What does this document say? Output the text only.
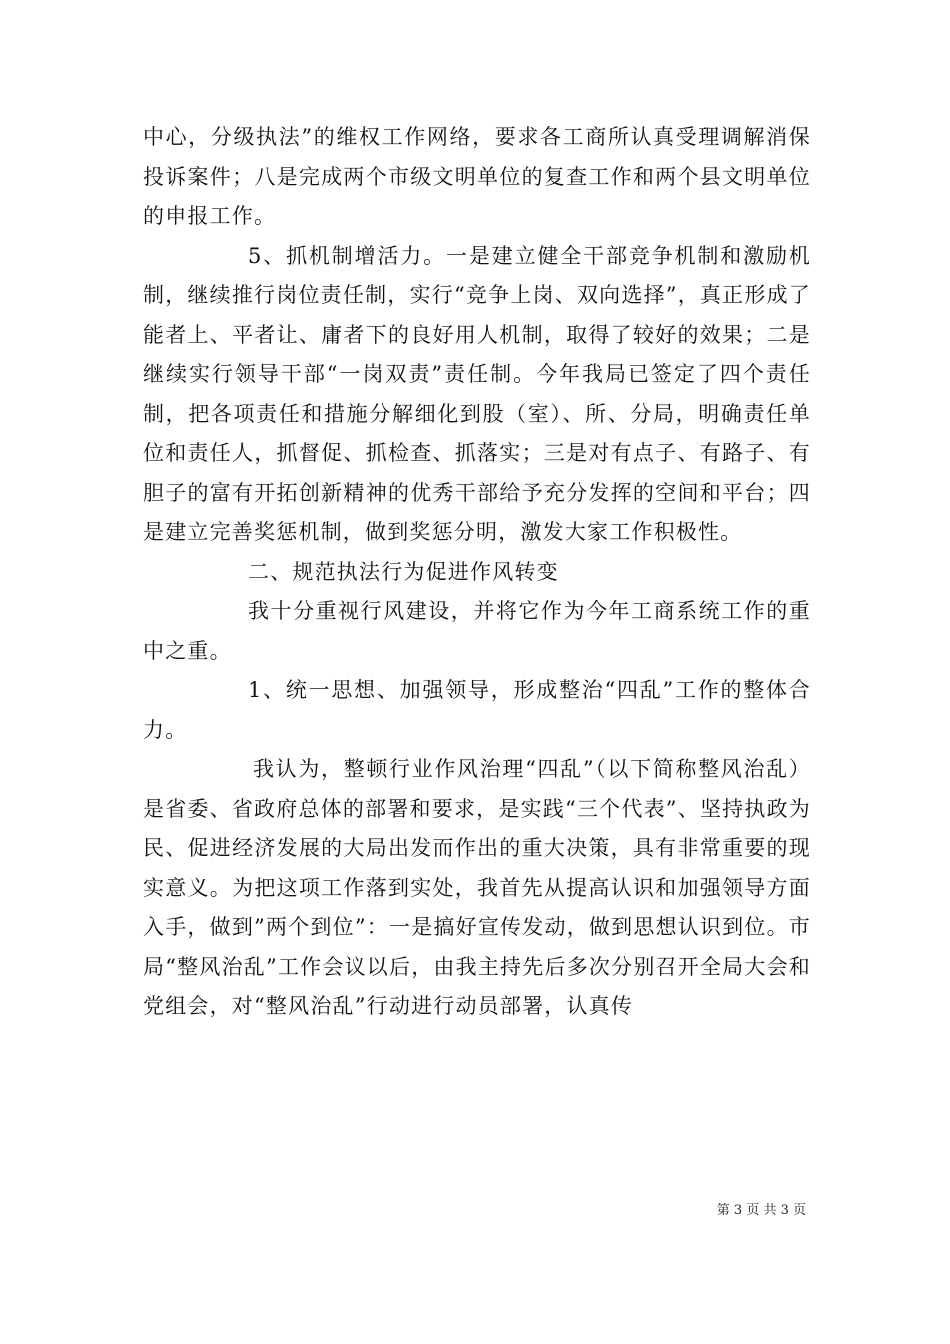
中心，分级执法”的维权工作网络，要求各工商所认真受理调解消保投诉案件；八是完成两个市级文明单位的复查工作和两个县文明单位的申报工作。

5、抓机制增活力。一是建立健全干部竞争机制和激励机制，继续推行岗位责任制，实行“竞争上岗、双向选择”，真正形成了能者上、平者让、庸者下的良好用人机制，取得了较好的效果；二是继续实行领导干部“一岗双责”责任制。今年我局已签定了四个责任制，把各项责任和措施分解细化到股（室）、所、分局，明确责任单位和责任人，抓督促、抓检查、抓落实；三是对有点子、有路子、有胆子的富有开拓创新精神的优秀干部给予充分发挥的空间和平台；四是建立完善奖惩机制，做到奖惩分明，激发大家工作积极性。

二、规范执法行为促进作风转变

我十分重视行风建设，并将它作为今年工商系统工作的重中之重。

1、统一思想、加强领导，形成整治“四乱”工作的整体合力。

我认为，整顿行业作风治理“四乱”（以下简称整风治乱）是省委、省政府总体的部署和要求，是实践“三个代表”、坚持执政为民、促进经济发展的大局出发而作出的重大决策，具有非常重要的现实意义。为把这项工作落到实处，我首先从提高认识和加强领导方面入手，做到”两个到位”：一是搞好宣传发动，做到思想认识到位。市局“整风治乱”工作会议以后，由我主持先后多次分别召开全局大会和党组会，对“整风治乱”行动进行动员部署，认真传

第 3 页 共 3 页
